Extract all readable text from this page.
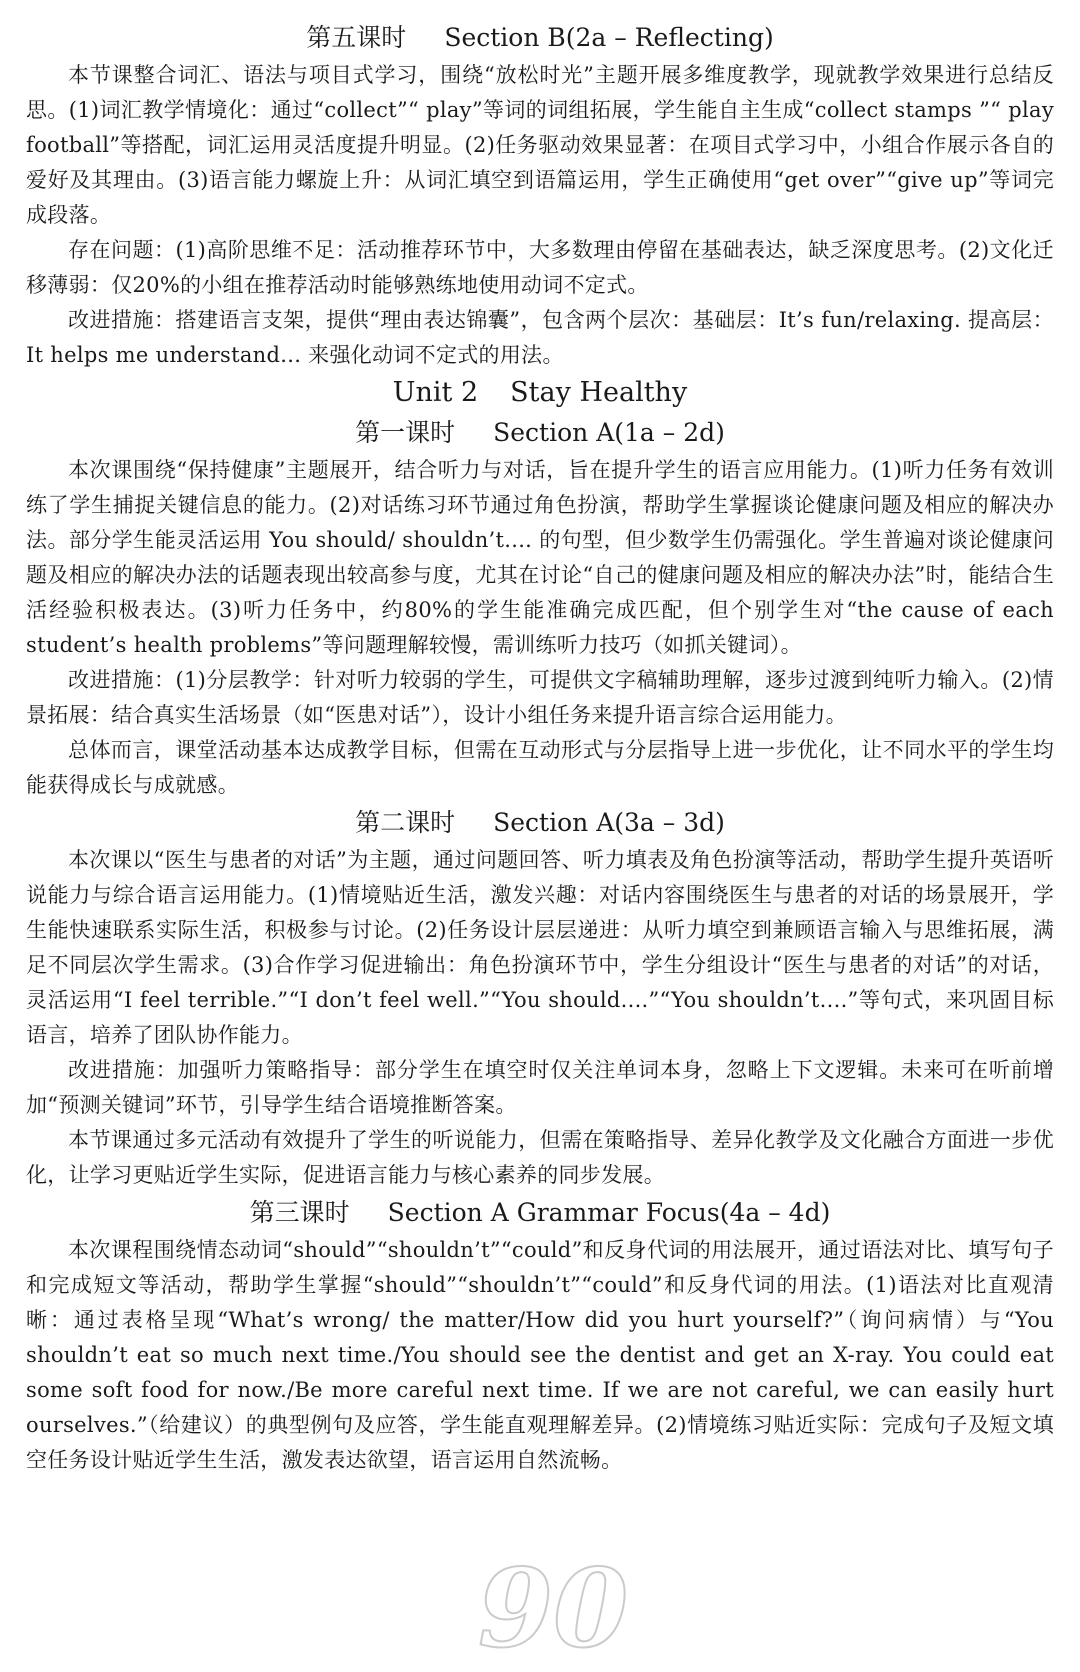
第五课时 Section B(2a – Reflecting)

本节课整合词汇、语法与项目式学习，围绕“放松时光”主题开展多维度教学，现就教学效果进行总结反思。(1)词汇教学情境化：通过“collect”“ play”等词的词组拓展，学生能自主生成“collect stamps ”“ play football”等搭配，词汇运用灵活度提升明显。(2)任务驱动效果显著：在项目式学习中，小组合作展示各自的爱好及其理由。(3)语言能力螺旋上升：从词汇填空到语篇运用，学生正确使用“get over”“give up”等词完成段落。

存在问题：(1)高阶思维不足：活动推荐环节中，大多数理由停留在基础表达，缺乏深度思考。(2)文化迁移薄弱：仅20%的小组在推荐活动时能够熟练地使用动词不定式。

改进措施：搭建语言支架，提供“理由表达锦囊”，包含两个层次：基础层：It’s fun/relaxing. 提高层：It helps me understand... 来强化动词不定式的用法。

Unit 2 Stay Healthy
第一课时 Section A(1a – 2d)

本次课围绕“保持健康”主题展开，结合听力与对话，旨在提升学生的语言应用能力。(1)听力任务有效训练了学生捕捉关键信息的能力。(2)对话练习环节通过角色扮演，帮助学生掌握谈论健康问题及相应的解决办法。部分学生能灵活运用 You should/ shouldn’t.... 的句型，但少数学生仍需强化。学生普遍对谈论健康问题及相应的解决办法的话题表现出较高参与度，尤其在讨论“自己的健康问题及相应的解决办法”时，能结合生活经验积极表达。(3)听力任务中，约80%的学生能准确完成匹配，但个别学生对“the cause of each student’s health problems”等问题理解较慢，需训练听力技巧（如抓关键词）。

改进措施：(1)分层教学：针对听力较弱的学生，可提供文字稿辅助理解，逐步过渡到纯听力输入。(2)情景拓展：结合真实生活场景（如“医患对话”），设计小组任务来提升语言综合运用能力。

总体而言，课堂活动基本达成教学目标，但需在互动形式与分层指导上进一步优化，让不同水平的学生均能获得成长与成就感。

第二课时 Section A(3a – 3d)

本次课以“医生与患者的对话”为主题，通过问题回答、听力填表及角色扮演等活动，帮助学生提升英语听说能力与综合语言运用能力。(1)情境贴近生活，激发兴趣：对话内容围绕医生与患者的对话的场景展开，学生能快速联系实际生活，积极参与讨论。(2)任务设计层层递进：从听力填空到兼顾语言输入与思维拓展，满足不同层次学生需求。(3)合作学习促进输出：角色扮演环节中，学生分组设计“医生与患者的对话”的对话，灵活运用“I feel terrible.”“I don’t feel well.”“You should....”“You shouldn’t....”等句式，来巩固目标语言，培养了团队协作能力。

改进措施：加强听力策略指导：部分学生在填空时仅关注单词本身，忽略上下文逻辑。未来可在听前增加“预测关键词”环节，引导学生结合语境推断答案。

本节课通过多元活动有效提升了学生的听说能力，但需在策略指导、差异化教学及文化融合方面进一步优化，让学习更贴近学生实际，促进语言能力与核心素养的同步发展。

第三课时 Section A Grammar Focus(4a – 4d)

本次课程围绕情态动词“should”“shouldn’t”“could”和反身代词的用法展开，通过语法对比、填写句子和完成短文等活动，帮助学生掌握“should”“shouldn’t”“could”和反身代词的用法。(1)语法对比直观清晰：通过表格呈现“What’s wrong/ the matter/How did you hurt yourself?”（询问病情）与“You shouldn’t eat so much next time./You should see the dentist and get an X-ray. You could eat some soft food for now./Be more careful next time. If we are not careful, we can easily hurt ourselves.”（给建议）的典型例句及应答，学生能直观理解差异。(2)情境练习贴近实际：完成句子及短文填空任务设计贴近学生生活，激发表达欲望，语言运用自然流畅。

90
